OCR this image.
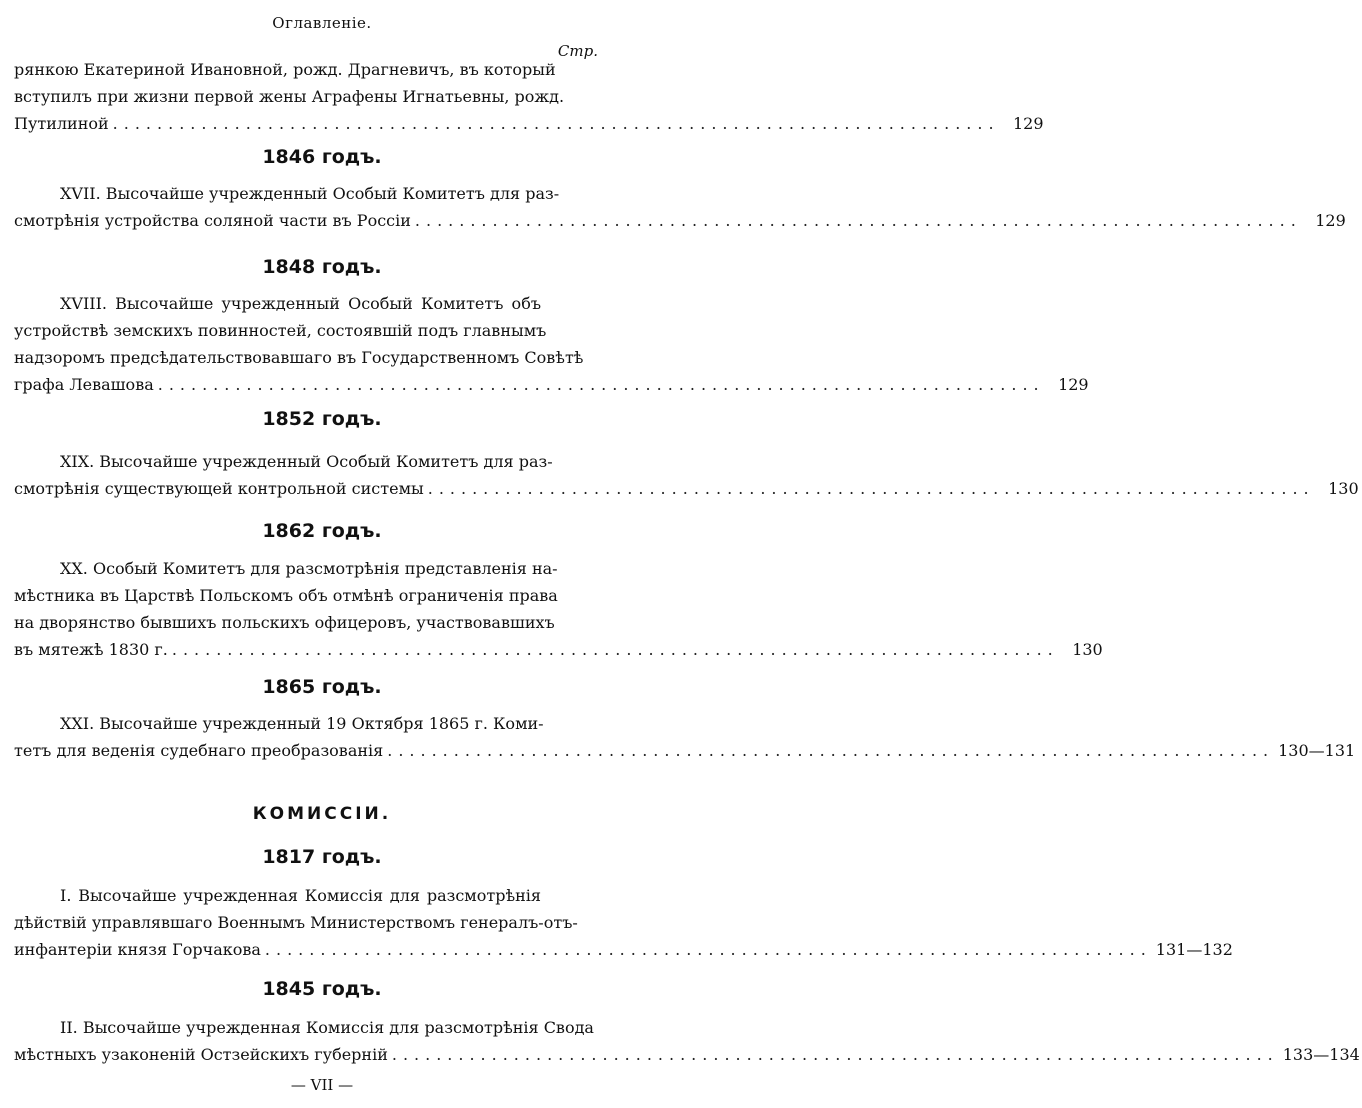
Оглавленіе.
Стр.
рянкою Екатериной Ивановной, рожд. Драгневичъ, въ который
вступилъ при жизни первой жены Аграфены Игнатьевны, рожд.
Путилиной ................................................................................ 129
1846 годъ.
XVII. Высочайше учрежденный Особый Комитетъ для раз-
смотрѣнія устройства соляной части въ Россіи ................................................................................ 129
1848 годъ.
XVIII. Высочайше учрежденный Особый Комитетъ объ
устройствѣ земскихъ повинностей, состоявшій подъ главнымъ
надзоромъ предсѣдательствовавшаго въ Государственномъ Совѣтѣ
графа Левашова ................................................................................ 129
1852 годъ.
XIX. Высочайше учрежденный Особый Комитетъ для раз-
смотрѣнія существующей контрольной системы ................................................................................ 130
1862 годъ.
XX. Особый Комитетъ для разсмотрѣнія представленія на-
мѣстника въ Царствѣ Польскомъ объ отмѣнѣ ограниченія права
на дворянство бывшихъ польскихъ офицеровъ, участвовавшихъ
въ мятежѣ 1830 г. ................................................................................ 130
1865 годъ.
XXI. Высочайше учрежденный 19 Октября 1865 г. Коми-
тетъ для веденія судебнаго преобразованія ................................................................................ 130—131
КОМИССІИ.
1817 годъ.
I. Высочайше учрежденная Комиссія для разсмотрѣнія
дѣйствій управлявшаго Военнымъ Министерствомъ генералъ-отъ-
инфантеріи князя Горчакова ................................................................................ 131—132
1845 годъ.
II. Высочайше учрежденная Комиссія для разсмотрѣнія Свода
мѣстныхъ узаконеній Остзейскихъ губерній ................................................................................ 133—134
— VII —
